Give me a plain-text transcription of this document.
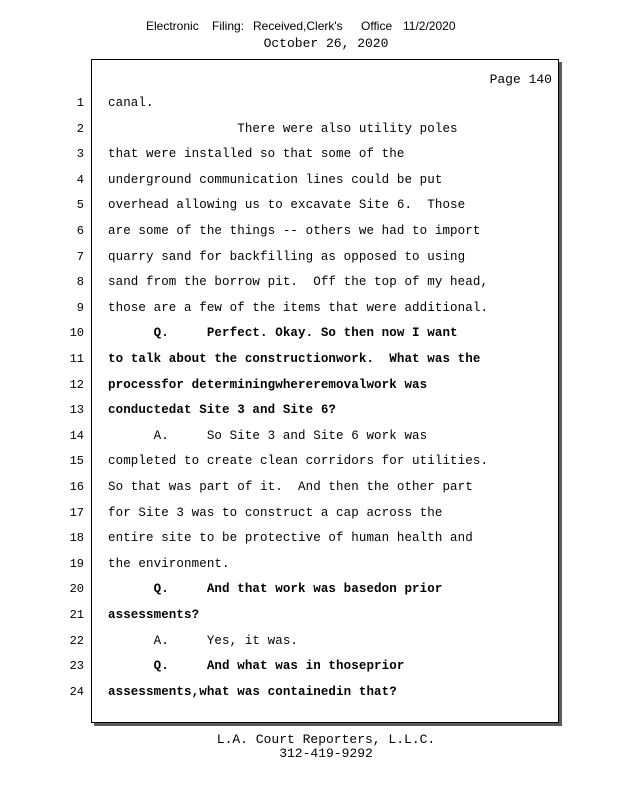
Electronic Filing: Received,Clerk's Office 11/2/2020
October 26, 2020
Page 140
1 canal.
2 There were also utility poles
3 that were installed so that some of the
4 underground communication lines could be put
5 overhead allowing us to excavate Site 6.  Those
6 are some of the things -- others we had to import
7 quarry sand for backfilling as opposed to using
8 sand from the borrow pit.  Off the top of my head,
9 those are a few of the items that were additional.
10 Q.     Perfect. Okay. So then now I want
11 to talk about the constructionwork.  What was the
12 processfor determiningwhereremovalwork was
13 conductedat Site 3 and Site 6?
14 A.     So Site 3 and Site 6 work was
15 completed to create clean corridors for utilities.
16 So that was part of it.  And then the other part
17 for Site 3 was to construct a cap across the
18 entire site to be protective of human health and
19 the environment.
20 Q.     And that work was basedon prior
21 assessments?
22 A.     Yes, it was.
23 Q.     And what was in thoseprior
24 assessments,what was containedin that?
L.A. Court Reporters, L.L.C.
312-419-9292
